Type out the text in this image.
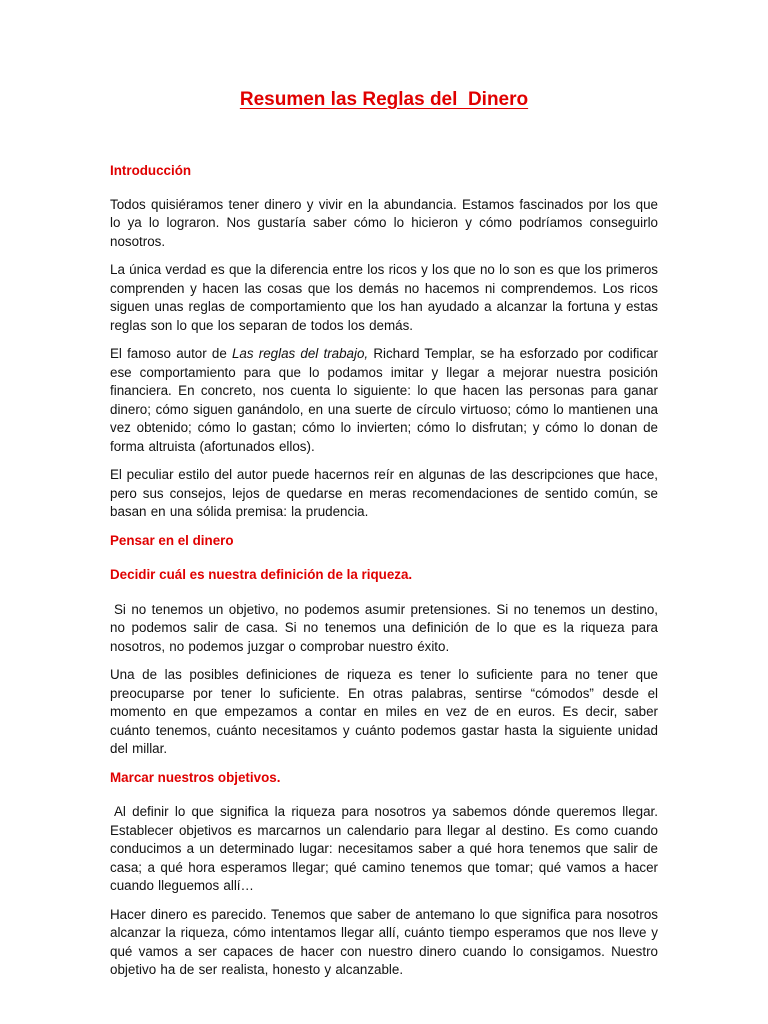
Resumen las Reglas del  Dinero
Introducción

Todos quisiéramos tener dinero y vivir en la abundancia. Estamos fascinados por los que lo ya lo lograron. Nos gustaría saber cómo lo hicieron y cómo podríamos conseguirlo nosotros.

La única verdad es que la diferencia entre los ricos y los que no lo son es que los primeros comprenden y hacen las cosas que los demás no hacemos ni comprendemos. Los ricos siguen unas reglas de comportamiento que los han ayudado a alcanzar la fortuna y estas reglas son lo que los separan de todos los demás.

El famoso autor de Las reglas del trabajo, Richard Templar, se ha esforzado por codificar ese comportamiento para que lo podamos imitar y llegar a mejorar nuestra posición financiera. En concreto, nos cuenta lo siguiente: lo que hacen las personas para ganar dinero; cómo siguen ganándolo, en una suerte de círculo virtuoso; cómo lo mantienen una vez obtenido; cómo lo gastan; cómo lo invierten; cómo lo disfrutan; y cómo lo donan de forma altruista (afortunados ellos).

El peculiar estilo del autor puede hacernos reír en algunas de las descripciones que hace, pero sus consejos, lejos de quedarse en meras recomendaciones de sentido común, se basan en una sólida premisa: la prudencia.

Pensar en el dinero
Decidir cuál es nuestra definición de la riqueza.

Si no tenemos un objetivo, no podemos asumir pretensiones. Si no tenemos un destino, no podemos salir de casa. Si no tenemos una definición de lo que es la riqueza para nosotros, no podemos juzgar o comprobar nuestro éxito.

Una de las posibles definiciones de riqueza es tener lo suficiente para no tener que preocuparse por tener lo suficiente. En otras palabras, sentirse “cómodos” desde el momento en que empezamos a contar en miles en vez de en euros. Es decir, saber cuánto tenemos, cuánto necesitamos y cuánto podemos gastar hasta la siguiente unidad del millar.

Marcar nuestros objetivos.

Al definir lo que significa la riqueza para nosotros ya sabemos dónde queremos llegar. Establecer objetivos es marcarnos un calendario para llegar al destino. Es como cuando conducimos a un determinado lugar: necesitamos saber a qué hora tenemos que salir de casa; a qué hora esperamos llegar; qué camino tenemos que tomar; qué vamos a hacer cuando lleguemos allí…

Hacer dinero es parecido. Tenemos que saber de antemano lo que significa para nosotros alcanzar la riqueza, cómo intentamos llegar allí, cuánto tiempo esperamos que nos lleve y qué vamos a ser capaces de hacer con nuestro dinero cuando lo consigamos. Nuestro objetivo ha de ser realista, honesto y alcanzable.
